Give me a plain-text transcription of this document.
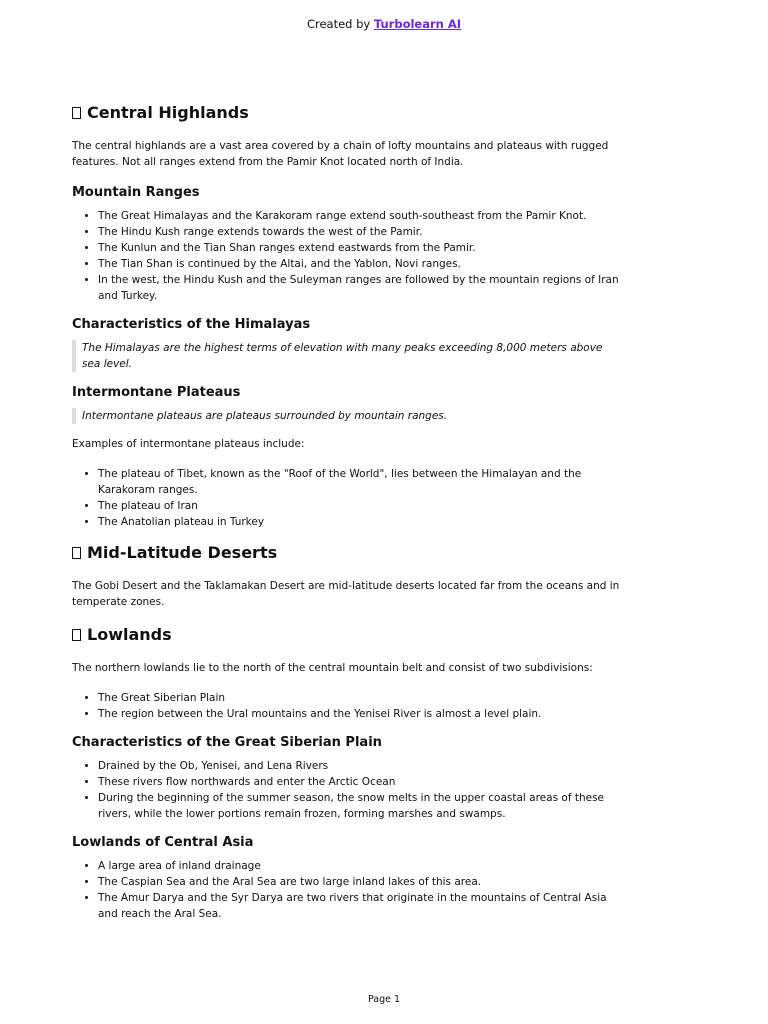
Created by Turbolearn AI
Central Highlands

The central highlands are a vast area covered by a chain of lofty mountains and plateaus with rugged features. Not all ranges extend from the Pamir Knot located north of India.

Mountain Ranges
• The Great Himalayas and the Karakoram range extend south-southeast from the Pamir Knot.
• The Hindu Kush range extends towards the west of the Pamir.
• The Kunlun and the Tian Shan ranges extend eastwards from the Pamir.
• The Tian Shan is continued by the Altai, and the Yablon, Novi ranges.
• In the west, the Hindu Kush and the Suleyman ranges are followed by the mountain regions of Iran and Turkey.
Characteristics of the Himalayas
The Himalayas are the highest terms of elevation with many peaks exceeding 8,000 meters above sea level.
Intermontane Plateaus
Intermontane plateaus are plateaus surrounded by mountain ranges.

Examples of intermontane plateaus include:

• The plateau of Tibet, known as the "Roof of the World", lies between the Himalayan and the Karakoram ranges.
• The plateau of Iran
• The Anatolian plateau in Turkey
Mid-Latitude Deserts

The Gobi Desert and the Taklamakan Desert are mid-latitude deserts located far from the oceans and in temperate zones.

Lowlands

The northern lowlands lie to the north of the central mountain belt and consist of two subdivisions:

• The Great Siberian Plain
• The region between the Ural mountains and the Yenisei River is almost a level plain.
Characteristics of the Great Siberian Plain
• Drained by the Ob, Yenisei, and Lena Rivers
• These rivers flow northwards and enter the Arctic Ocean
• During the beginning of the summer season, the snow melts in the upper coastal areas of these rivers, while the lower portions remain frozen, forming marshes and swamps.
Lowlands of Central Asia
• A large area of inland drainage
• The Caspian Sea and the Aral Sea are two large inland lakes of this area.
• The Amur Darya and the Syr Darya are two rivers that originate in the mountains of Central Asia and reach the Aral Sea.
Page 1
